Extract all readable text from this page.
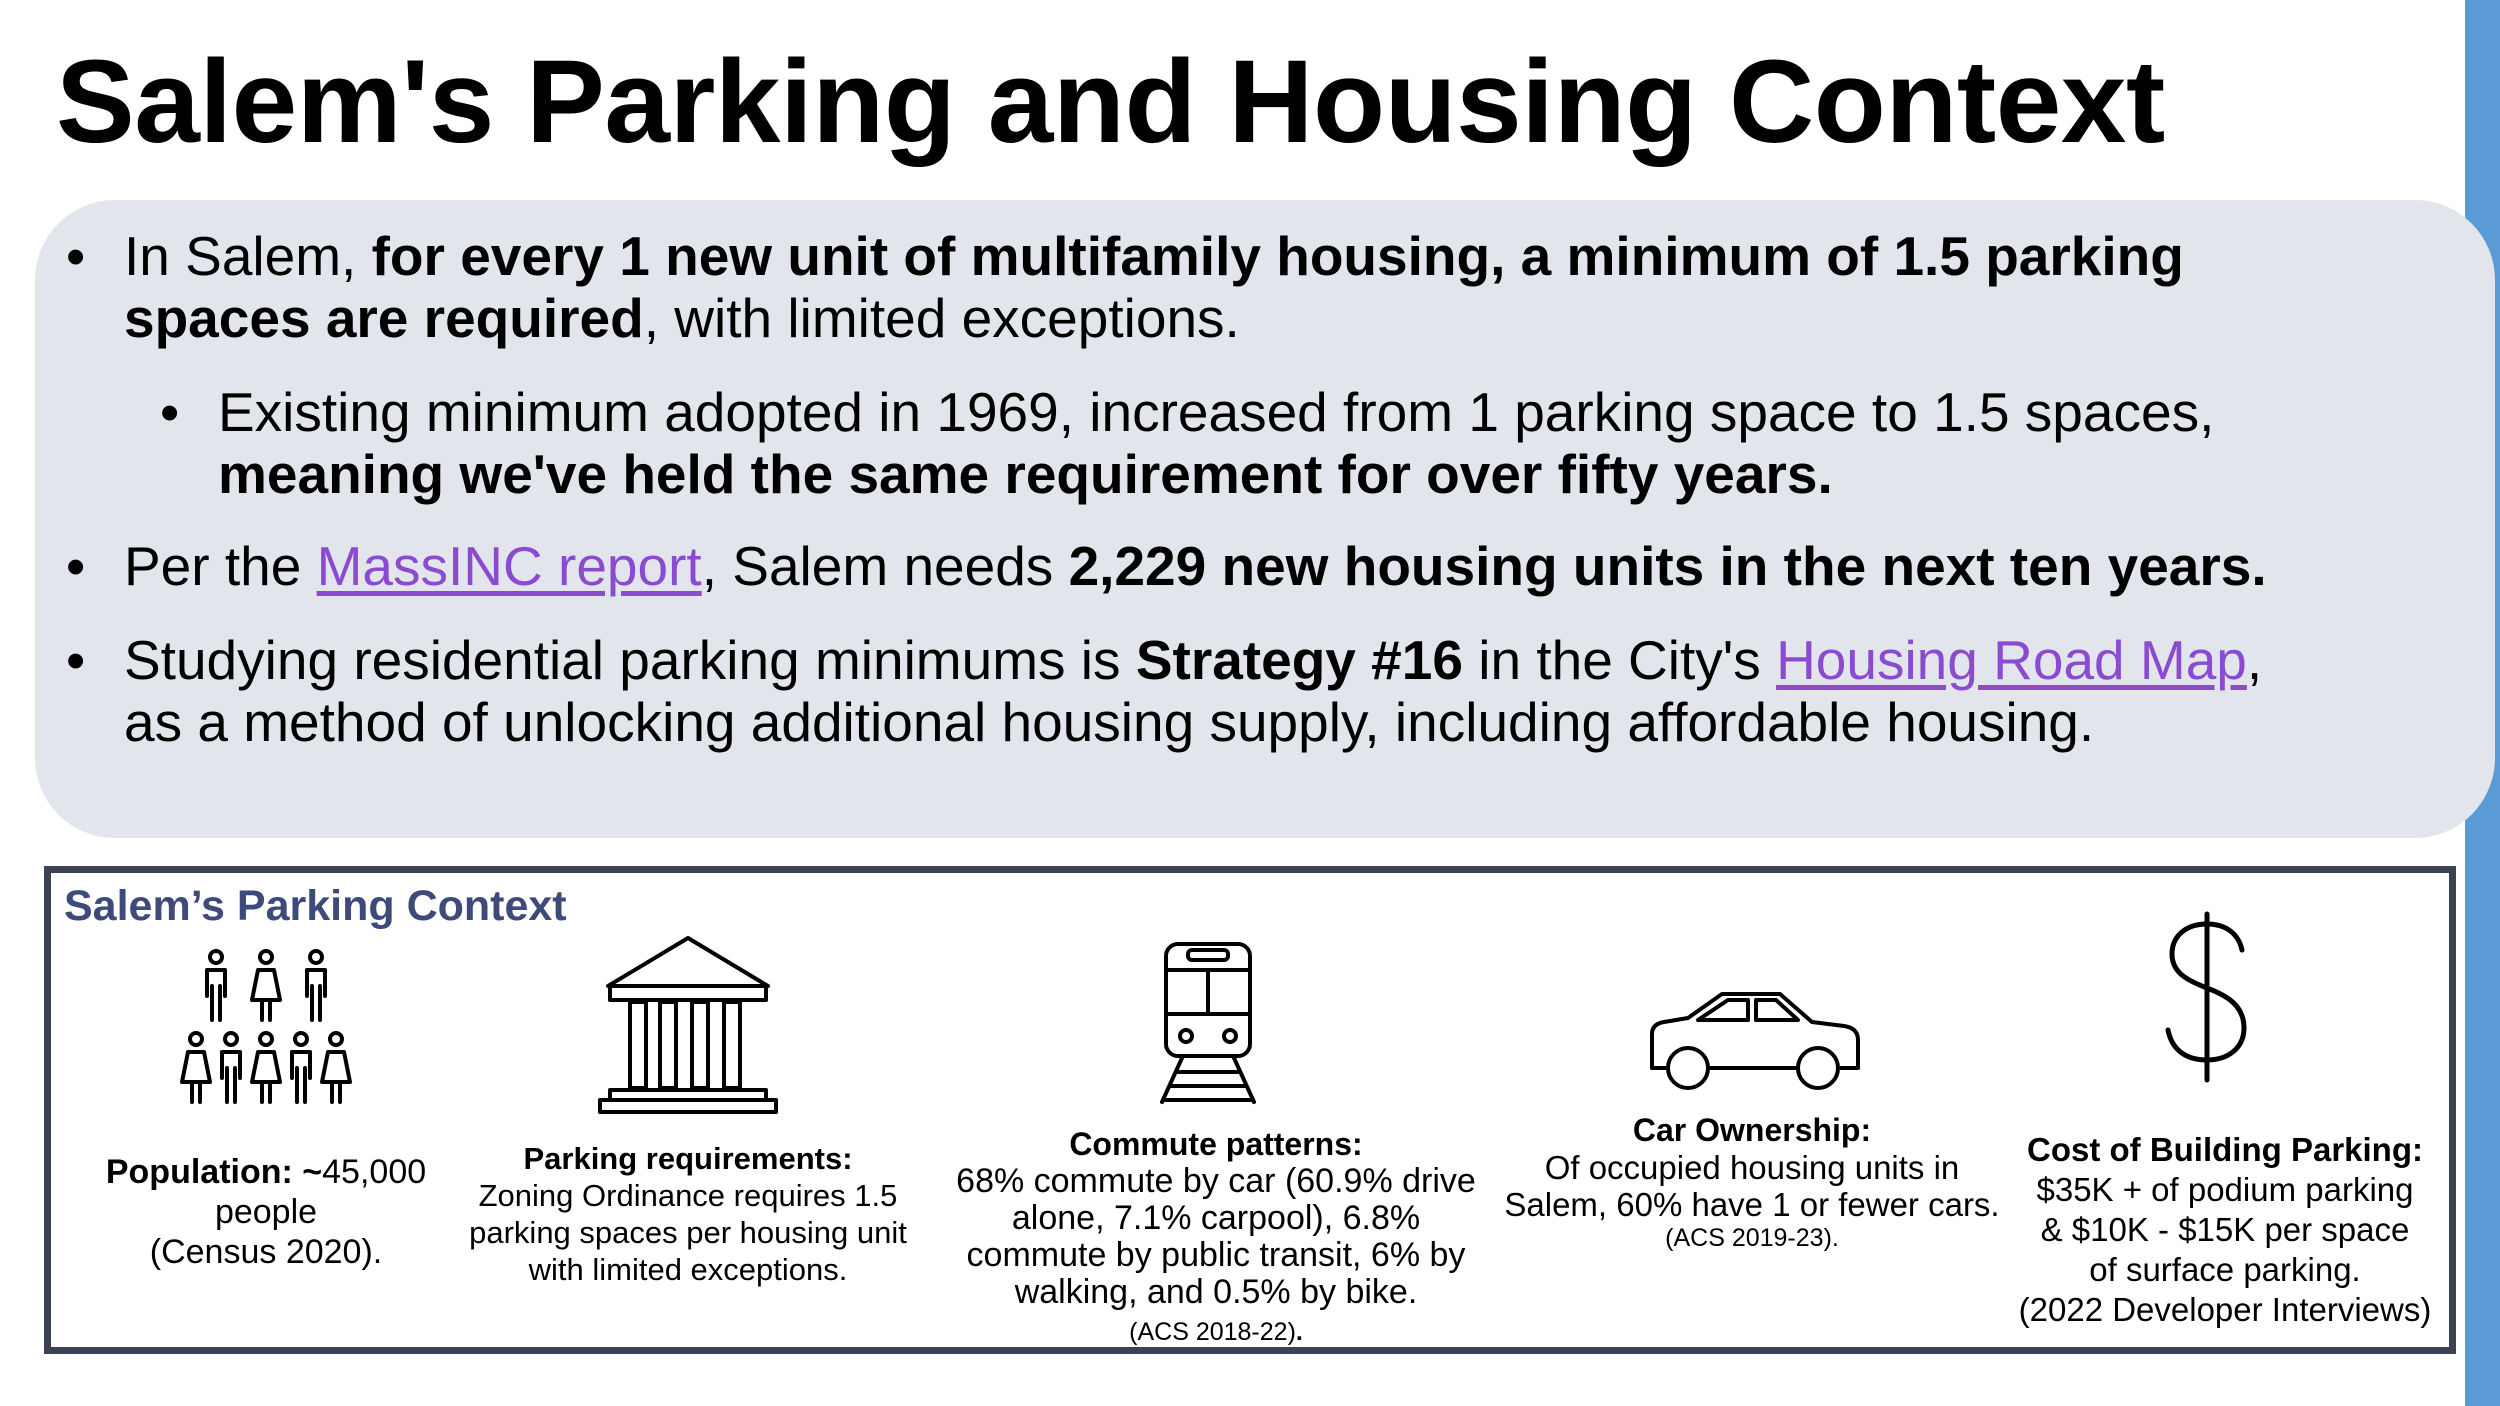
Salem's Parking and Housing Context
• In Salem, for every 1 new unit of multifamily housing, a minimum of 1.5 parking
spaces are required, with limited exceptions.
• Existing minimum adopted in 1969, increased from 1 parking space to 1.5 spaces,
meaning we've held the same requirement for over fifty years.
• Per the MassINC report, Salem needs 2,229 new housing units in the next ten years.
• Studying residential parking minimums is Strategy #16 in the City's Housing Road Map,
as a method of unlocking additional housing supply, including affordable housing.
Salem’s Parking Context
Population: ~45,000
people
(Census 2020).
Parking requirements:
Zoning Ordinance requires 1.5
parking spaces per housing unit
with limited exceptions.
Commute patterns:
68% commute by car (60.9% drive
alone, 7.1% carpool), 6.8%
commute by public transit, 6% by
walking, and 0.5% by bike.
(ACS 2018-22).
Car Ownership:
Of occupied housing units in
Salem, 60% have 1 or fewer cars.

(ACS 2019-23).
Cost of Building Parking:
$35K + of podium parking
& $10K - $15K per space
of surface parking.
(2022 Developer Interviews)
